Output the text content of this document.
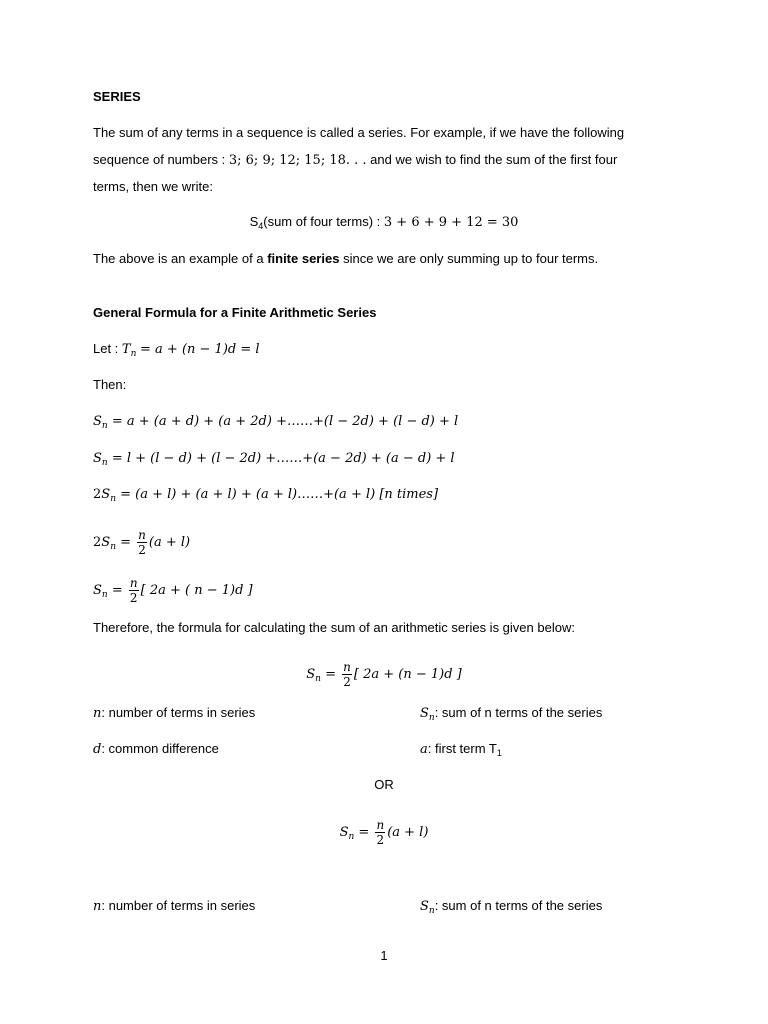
SERIES
The sum of any terms in a sequence is called a series. For example, if we have the following
sequence of numbers : 3; 6; 9; 12; 15; 18. . . and we wish to find the sum of the first four
terms, then we write:
$S_4(sum$ of four terms) : 3 + 6 + 9 + 12 = 30
The above is an example of a finite series since we are only summing up to four terms.
General Formula for a Finite Arithmetic Series
Let : $T_n = a + (n - 1)d = l$
Then:
$S_n = a + (a + d) + (a + 2d)$ +……+(l − 2d) + (l − d) + l
$S_n = l + (l - d) + (l - 2d)$ +……+(a − 2d) + (a − d) + l
$2S_n = (a + l) + (a + l) + (a$ + l)……+(a + l) [n times]
$2S_n = \frac{n}{2} (a + l)$
$S_n = \frac{n}{2}$ [ 2a + ( n − 1)d ]
Therefore, the formula for calculating the sum of an arithmetic series is given below:
$S_n = \frac{n}{2}$ [ 2a + (n − 1)d ]
n: number of terms in series	$S_n$: sum of n terms of the series
d: common difference	a: first term $T_1$
OR
$S_n = \frac{n}{2} (a + l)$
n: number of terms in series	$S_n$: sum of n terms of the series
1
